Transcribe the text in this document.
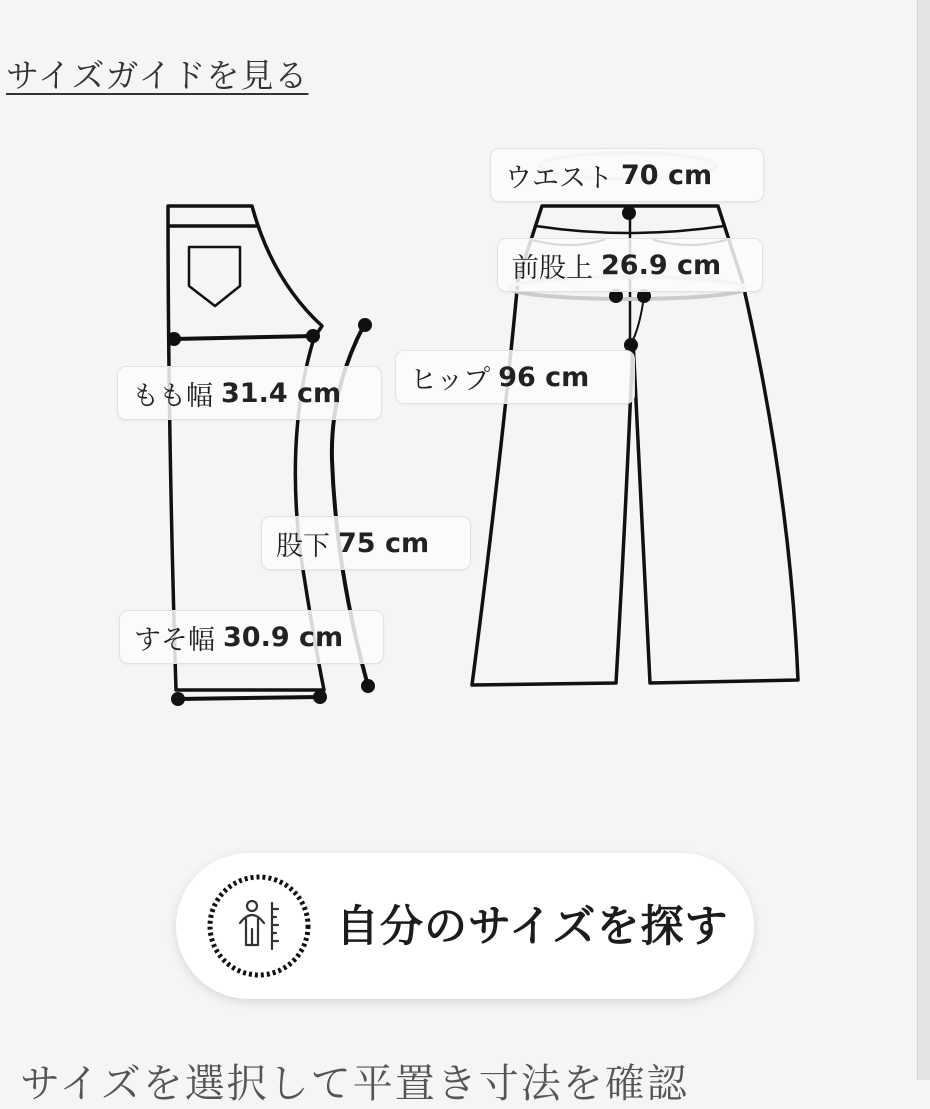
サイズガイドを見る
ウエスト 70 cm
前股上 26.9 cm
ヒップ 96 cm
もも幅 31.4 cm
股下 75 cm
すそ幅 30.9 cm
自分のサイズを探す
サイズを選択して平置き寸法を確認
